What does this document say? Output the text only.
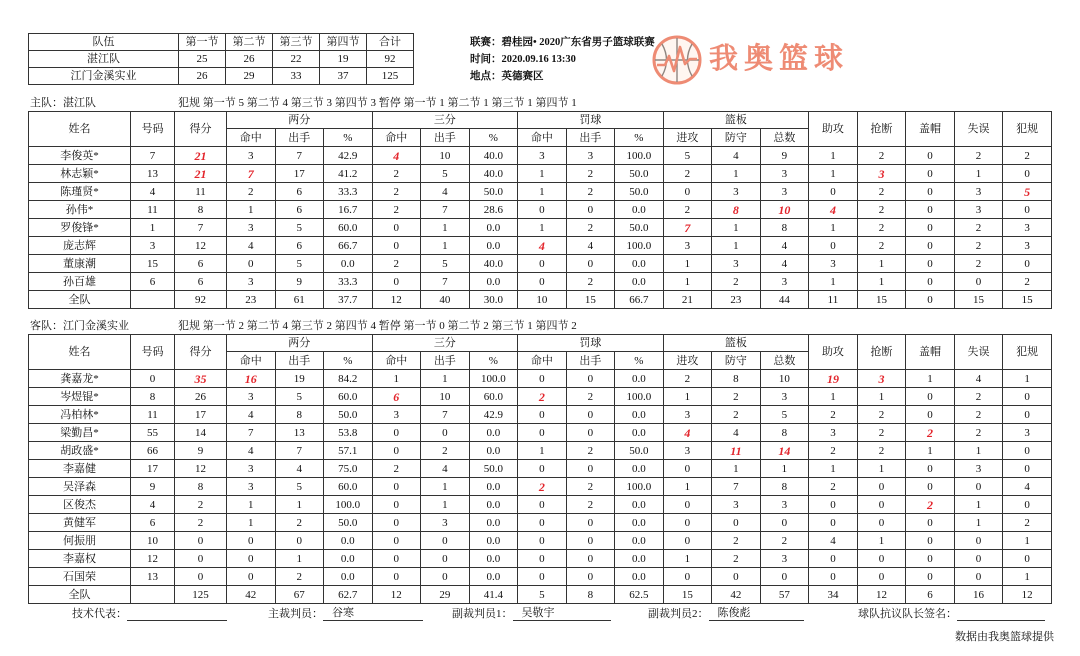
队伍	第一节	第二节	第三节	第四节	合计
湛江队	25	26	22	19	92
江门金溪实业	26	29	33	37	125
联赛：碧桂园• 2020广东省男子篮球联赛
时间：2020.09.16 13:30
地点：英德赛区
我奥篮球
主队：湛江队	犯规 第一节 5 第二节 4 第三节 3 第四节 3 暂停 第一节 1 第二节 1 第三节 1 第四节 1
姓名	号码	得分	两分			三分			罚球			篮板			助攻	抢断	盖帽	失误	犯规
			命中	出手	%	命中	出手	%	命中	出手	%	进攻	防守	总数					
李俊英*	7	21	3	7	42.9	4	10	40.0	3	3	100.0	5	4	9	1	2	0	2	2
林志颖*	13	21	7	17	41.2	2	5	40.0	1	2	50.0	2	1	3	1	3	0	1	0
陈瑾贤*	4	11	2	6	33.3	2	4	50.0	1	2	50.0	0	3	3	0	2	0	3	5
孙伟*	11	8	1	6	16.7	2	7	28.6	0	0	0.0	2	8	10	4	2	0	3	0
罗俊锋*	1	7	3	5	60.0	0	1	0.0	1	2	50.0	7	1	8	1	2	0	2	3
庞志辉	3	12	4	6	66.7	0	1	0.0	4	4	100.0	3	1	4	0	2	0	2	3
董康潮	15	6	0	5	0.0	2	5	40.0	0	0	0.0	1	3	4	3	1	0	2	0
孙百雄	6	6	3	9	33.3	0	7	0.0	0	2	0.0	1	2	3	1	1	0	0	2
全队		92	23	61	37.7	12	40	30.0	10	15	66.7	21	23	44	11	15	0	15	15
客队：江门金溪实业	犯规 第一节 2 第二节 4 第三节 2 第四节 4 暂停 第一节 0 第二节 2 第三节 1 第四节 2
姓名	号码	得分	两分			三分			罚球			篮板			助攻	抢断	盖帽	失误	犯规
			命中	出手	%	命中	出手	%	命中	出手	%	进攻	防守	总数					
龚嘉龙*	0	35	16	19	84.2	1	1	100.0	0	0	0.0	2	8	10	19	3	1	4	1
岑煜锟*	8	26	3	5	60.0	6	10	60.0	2	2	100.0	1	2	3	1	1	0	2	0
冯柏林*	11	17	4	8	50.0	3	7	42.9	0	0	0.0	3	2	5	2	2	0	2	0
梁勤昌*	55	14	7	13	53.8	0	0	0.0	0	0	0.0	4	4	8	3	2	2	2	3
胡政盛*	66	9	4	7	57.1	0	2	0.0	1	2	50.0	3	11	14	2	2	1	1	0
李嘉健	17	12	3	4	75.0	2	4	50.0	0	0	0.0	0	1	1	1	1	0	3	0
吴泽森	9	8	3	5	60.0	0	1	0.0	2	2	100.0	1	7	8	2	0	0	0	4
区俊杰	4	2	1	1	100.0	0	1	0.0	0	2	0.0	0	3	3	0	0	2	1	0
黄健军	6	2	1	2	50.0	0	3	0.0	0	0	0.0	0	0	0	0	0	0	1	2
何振朋	10	0	0	0	0.0	0	0	0.0	0	0	0.0	0	2	2	4	1	0	0	1
李嘉权	12	0	0	1	0.0	0	0	0.0	0	0	0.0	1	2	3	0	0	0	0	0
石国荣	13	0	0	2	0.0	0	0	0.0	0	0	0.0	0	0	0	0	0	0	0	1
全队		125	42	67	62.7	12	29	41.4	5	8	62.5	15	42	57	34	12	6	16	12
技术代表：	主裁判员： 谷寒	副裁判员1： 吴敬宇	副裁判员2： 陈俊彪	球队抗议队长签名：
数据由我奥篮球提供
